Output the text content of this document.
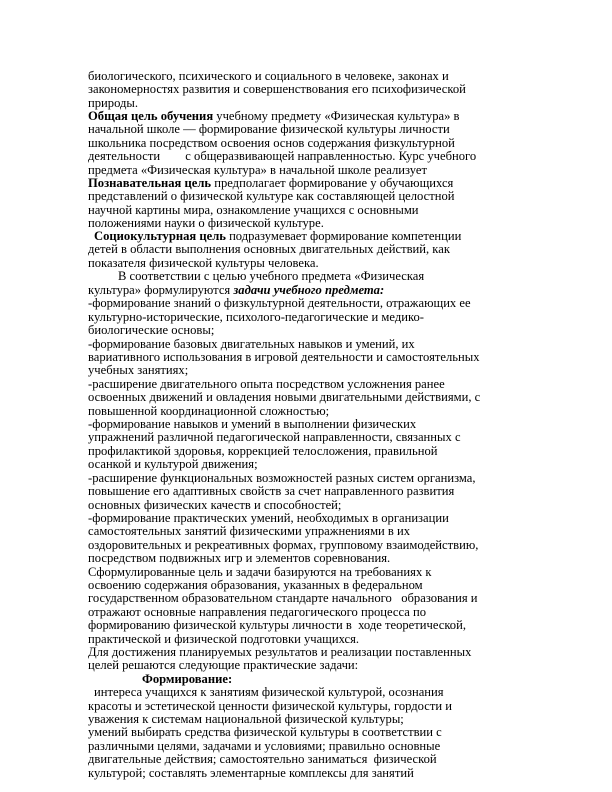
биологического, психического и социального в человеке, законах и
закономерностях развития и совершенствования его психофизической
природы.
Общая цель обучения учебному предмету «Физическая культура» в
начальной школе — формирование физической культуры личности
школьника посредством освоения основ содержания физкультурной
деятельности        с общеразвивающей направленностью. Курс учебного
предмета «Физическая культура» в начальной школе реализует
Познавательная цель предполагает формирование у обучающихся
представлений о физической культуре как составляющей целостной
научной картины мира, ознакомление учащихся с основными
положениями науки о физической культуре.
Социокультурная цель подразумевает формирование компетенции
детей в области выполнения основных двигательных действий, как
показателя физической культуры человека.
В соответствии с целью учебного предмета «Физическая
культура» формулируются задачи учебного предмета:
-формирование знаний о физкультурной деятельности, отражающих ее
культурно-исторические, психолого-педагогические и медико-
биологические основы;
-формирование базовых двигательных навыков и умений, их
вариативного использования в игровой деятельности и самостоятельных
учебных занятиях;
-расширение двигательного опыта посредством усложнения ранее
освоенных движений и овладения новыми двигательными действиями, с
повышенной координационной сложностью;
-формирование навыков и умений в выполнении физических
упражнений различной педагогической направленности, связанных с
профилактикой здоровья, коррекцией телосложения, правильной
осанкой и культурой движения;
-расширение функциональных возможностей разных систем организма,
повышение его адаптивных свойств за счет направленного развития
основных физических качеств и способностей;
-формирование практических умений, необходимых в организации
самостоятельных занятий физическими упражнениями в их
оздоровительных и рекреативных формах, групповому взаимодействию,
посредством подвижных игр и элементов соревнования.
Сформулированные цель и задачи базируются на требованиях к
освоению содержания образования, указанных в федеральном
государственном образовательном стандарте начального   образования и
отражают основные направления педагогического процесса по
формированию физической культуры личности в  ходе теоретической,
практической и физической подготовки учащихся.
Для достижения планируемых результатов и реализации поставленных
целей решаются следующие практические задачи:
Формирование:
интереса учащихся к занятиям физической культурой, осознания
красоты и эстетической ценности физической культуры, гордости и
уважения к системам национальной физической культуры;
умений выбирать средства физической культуры в соответствии с
различными целями, задачами и условиями; правильно основные
двигательные действия; самостоятельно заниматься  физической
культурой; составлять элементарные комплексы для занятий
